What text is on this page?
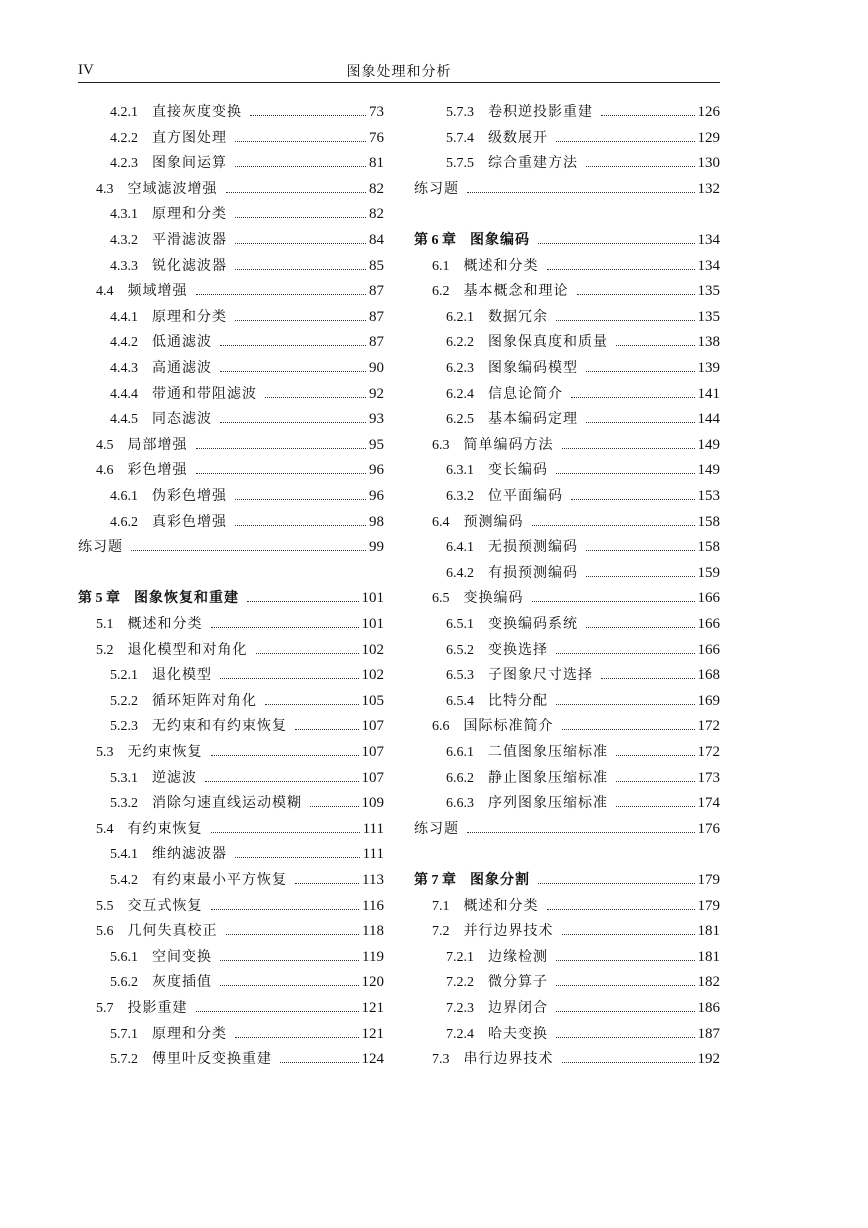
IV	图象处理和分析
4.2.1 直接灰度变换	73
4.2.2 直方图处理	76
4.2.3 图象间运算	81
4.3 空域滤波增强	82
4.3.1 原理和分类	82
4.3.2 平滑滤波器	84
4.3.3 锐化滤波器	85
4.4 频域增强	87
4.4.1 原理和分类	87
4.4.2 低通滤波	87
4.4.3 高通滤波	90
4.4.4 带通和带阻滤波	92
4.4.5 同态滤波	93
4.5 局部增强	95
4.6 彩色增强	96
4.6.1 伪彩色增强	96
4.6.2 真彩色增强	98
练习题	99
第 5 章 图象恢复和重建	101
5.1 概述和分类	101
5.2 退化模型和对角化	102
5.2.1 退化模型	102
5.2.2 循环矩阵对角化	105
5.2.3 无约束和有约束恢复	107
5.3 无约束恢复	107
5.3.1 逆滤波	107
5.3.2 消除匀速直线运动模糊	109
5.4 有约束恢复	111
5.4.1 维纳滤波器	111
5.4.2 有约束最小平方恢复	113
5.5 交互式恢复	116
5.6 几何失真校正	118
5.6.1 空间变换	119
5.6.2 灰度插值	120
5.7 投影重建	121
5.7.1 原理和分类	121
5.7.2 傅里叶反变换重建	124
5.7.3 卷积逆投影重建	126
5.7.4 级数展开	129
5.7.5 综合重建方法	130
练习题	132
第 6 章 图象编码	134
6.1 概述和分类	134
6.2 基本概念和理论	135
6.2.1 数据冗余	135
6.2.2 图象保真度和质量	138
6.2.3 图象编码模型	139
6.2.4 信息论简介	141
6.2.5 基本编码定理	144
6.3 简单编码方法	149
6.3.1 变长编码	149
6.3.2 位平面编码	153
6.4 预测编码	158
6.4.1 无损预测编码	158
6.4.2 有损预测编码	159
6.5 变换编码	166
6.5.1 变换编码系统	166
6.5.2 变换选择	166
6.5.3 子图象尺寸选择	168
6.5.4 比特分配	169
6.6 国际标准简介	172
6.6.1 二值图象压缩标准	172
6.6.2 静止图象压缩标准	173
6.6.3 序列图象压缩标准	174
练习题	176
第 7 章 图象分割	179
7.1 概述和分类	179
7.2 并行边界技术	181
7.2.1 边缘检测	181
7.2.2 微分算子	182
7.2.3 边界闭合	186
7.2.4 哈夫变换	187
7.3 串行边界技术	192
